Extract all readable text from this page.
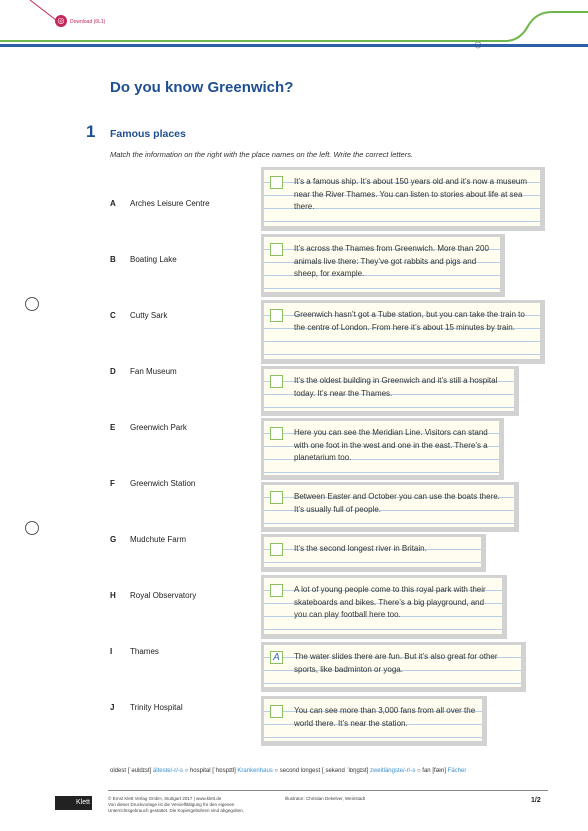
◎	Download (6L1)
Do you know Greenwich?
1 Famous places
Match the information on the right with the place names on the left. Write the correct letters.
A Arches Leisure Centre
B Boating Lake
C Cutty Sark
D Fan Museum
E Greenwich Park
F Greenwich Station
G Mudchute Farm
H Royal Observatory
I Thames
J Trinity Hospital
It’s a famous ship. It’s about 150 years old and it’s now a museum near the River Thames. You can listen to stories about life at sea there.
It’s across the Thames from Greenwich. More than 200 animals live there: They’ve got rabbits and pigs and sheep, for example.
Greenwich hasn’t got a Tube station, but you can take the train to the centre of London. From here it’s about 15 minutes by train.
It’s the oldest building in Greenwich and it’s still a hospital today. It’s near the Thames.
Here you can see the Meridian Line. Visitors can stand with one foot in the west and one in the east. There’s a planetarium too.
Between Easter and October you can use the boats there. It’s usually full of people.
It’s the second longest river in Britain.
A lot of young people come to this royal park with their skateboards and bikes. There’s a big playground, and you can play football here too.
A	The water slides there are fun. But it’s also great for other sports, like badminton or yoga.
You can see more than 3,000 fans from all over the world there. It’s near the station.
oldest [ˈəʊldɪst] älteste/-r/-s ○ hospital [ˈhɒspɪtl] Krankenhaus ○ second longest [ˌsekənd ˈlɒŋɡɪst] zweitlängste/-r/-s ○ fan [fæn] Fächer
Klett
© Ernst Klett Verlag GmbH, Stuttgart 2017 | www.klett.de
Von dieser Druckvorlage ist die Vervielfältigung für den eigenen
Unterrichtsgebrauch gestattet. Die Kopiergebühren sind abgegolten.
Illustrator: Christian Dekelver, Weinstadt	1/2
